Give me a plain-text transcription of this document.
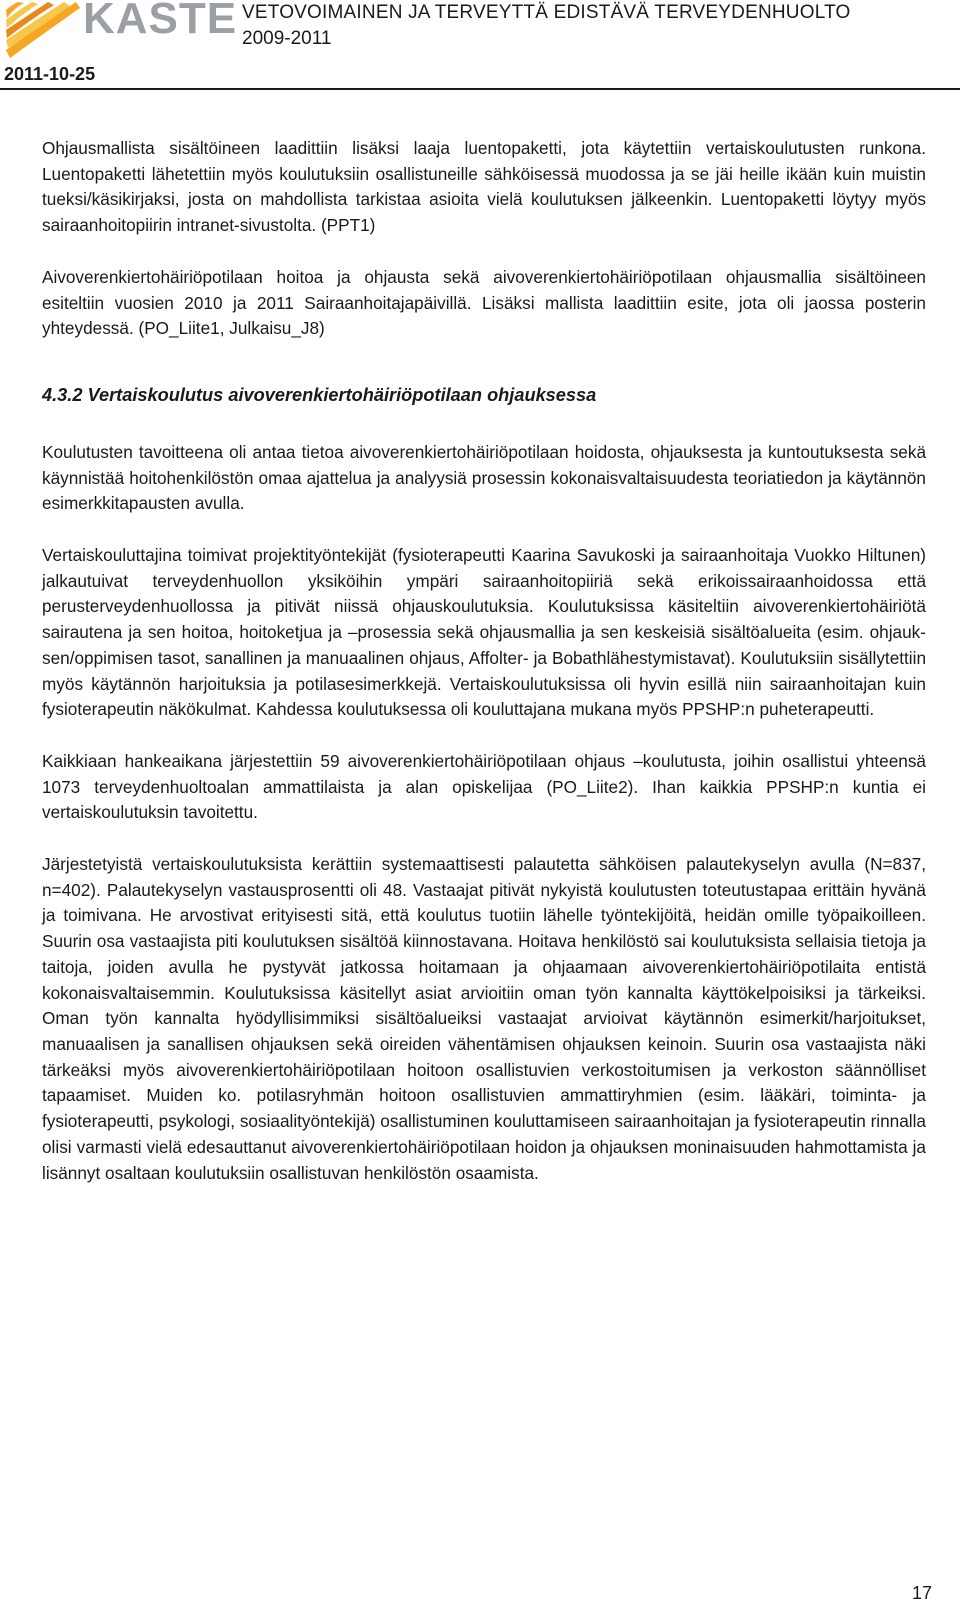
KASTE
2011-10-25
VETOVOIMAINEN JA TERVEYTTÄ EDISTÄVÄ TERVEYDENHUOLTO
2009-2011

Ohjausmallista sisältöineen laadittiin lisäksi laaja luentopaketti, jota käytettiin vertaiskoulutusten runkona. Luentopaketti lähetettiin myös koulutuksiin osallistuneille sähköisessä muodossa ja se jäi heille ikään kuin muistin tueksi/käsikirjaksi, josta on mahdollista tarkistaa asioita vielä koulutuksen jälkeenkin. Luentopaketti löytyy myös sairaanhoitopiirin intranet-sivustolta. (PPT1)

Aivoverenkiertohäiriöpotilaan hoitoa ja ohjausta sekä aivoverenkiertohäiriöpotilaan ohjausmallia sisältöineen esiteltiin vuosien 2010 ja 2011 Sairaanhoitajapäivillä. Lisäksi mallista laadittiin esite, jota oli jaossa posterin yhteydessä. (PO_Liite1, Julkaisu_J8)

4.3.2 Vertaiskoulutus aivoverenkiertohäiriöpotilaan ohjauksessa

Koulutusten tavoitteena oli antaa tietoa aivoverenkiertohäiriöpotilaan hoidosta, ohjauksesta ja kuntoutuksesta sekä käynnistää hoitohenkilöstön omaa ajattelua ja analyysiä prosessin kokonaisvaltaisuudesta teoriatiedon ja käytännön esimerkkitapausten avulla.

Vertaiskouluttajina toimivat projektityöntekijät (fysioterapeutti Kaarina Savukoski ja sairaanhoitaja Vuokko Hiltunen) jalkautuivat terveydenhuollon yksiköihin ympäri sairaanhoitopiiriä sekä erikoissairaanhoidossa että perusterveydenhuollossa ja pitivät niissä ohjauskoulutuksia. Koulutuksissa käsiteltiin aivoverenkiertohäiriötä sairautena ja sen hoitoa, hoitoketjua ja –prosessia sekä ohjausmallia ja sen keskeisiä sisältöalueita (esim. ohjauksen/oppimisen tasot, sanallinen ja manuaalinen ohjaus, Affolter- ja Bobathlähestymistavat). Koulutuksiin sisällytettiin myös käytännön harjoituksia ja potilasesimerkkejä. Vertaiskoulutuksissa oli hyvin esillä niin sairaanhoitajan kuin fysioterapeutin näkökulmat. Kahdessa koulutuksessa oli kouluttajana mukana myös PPSHP:n puheterapeutti.

Kaikkiaan hankeaikana järjestettiin 59 aivoverenkiertohäiriöpotilaan ohjaus –koulutusta, joihin osallistui yhteensä 1073 terveydenhuoltoalan ammattilaista ja alan opiskelijaa (PO_Liite2). Ihan kaikkia PPSHP:n kuntia ei vertaiskoulutuksin tavoitettu.

Järjestetyistä vertaiskoulutuksista kerättiin systemaattisesti palautetta sähköisen palautekyselyn avulla (N=837, n=402). Palautekyselyn vastausprosentti oli 48. Vastaajat pitivät nykyistä koulutusten toteutustapaa erittäin hyvänä ja toimivana. He arvostivat erityisesti sitä, että koulutus tuotiin lähelle työntekijöitä, heidän omille työpaikoilleen. Suurin osa vastaajista piti koulutuksen sisältöä kiinnostavana. Hoitava henkilöstö sai koulutuksista sellaisia tietoja ja taitoja, joiden avulla he pystyvät jatkossa hoitamaan ja ohjaamaan aivoverenkiertohäiriöpotilaita entistä kokonaisvaltaisemmin. Koulutuksissa käsitellyt asiat arvioitiin oman työn kannalta käyttökelpoisiksi ja tärkeiksi. Oman työn kannalta hyödyllisimmiksi sisältöalueiksi vastaajat arvioivat käytännön esimerkit/harjoitukset, manuaalisen ja sanallisen ohjauksen sekä oireiden vähentämisen ohjauksen keinoin. Suurin osa vastaajista näki tärkeäksi myös aivoverenkiertohäiriöpotilaan hoitoon osallistuvien verkostoitumisen ja verkoston säännölliset tapaamiset. Muiden ko. potilasryhmän hoitoon osallistuvien ammattiryhmien (esim. lääkäri, toiminta- ja fysioterapeutti, psykologi, sosiaalityöntekijä) osallistuminen kouluttamiseen sairaanhoitajan ja fysioterapeutin rinnalla olisi varmasti vielä edesauttanut aivoverenkiertohäiriöpotilaan hoidon ja ohjauksen moninaisuuden hahmottamista ja lisännyt osaltaan koulutuksiin osallistuvan henkilöstön osaamista.

17
